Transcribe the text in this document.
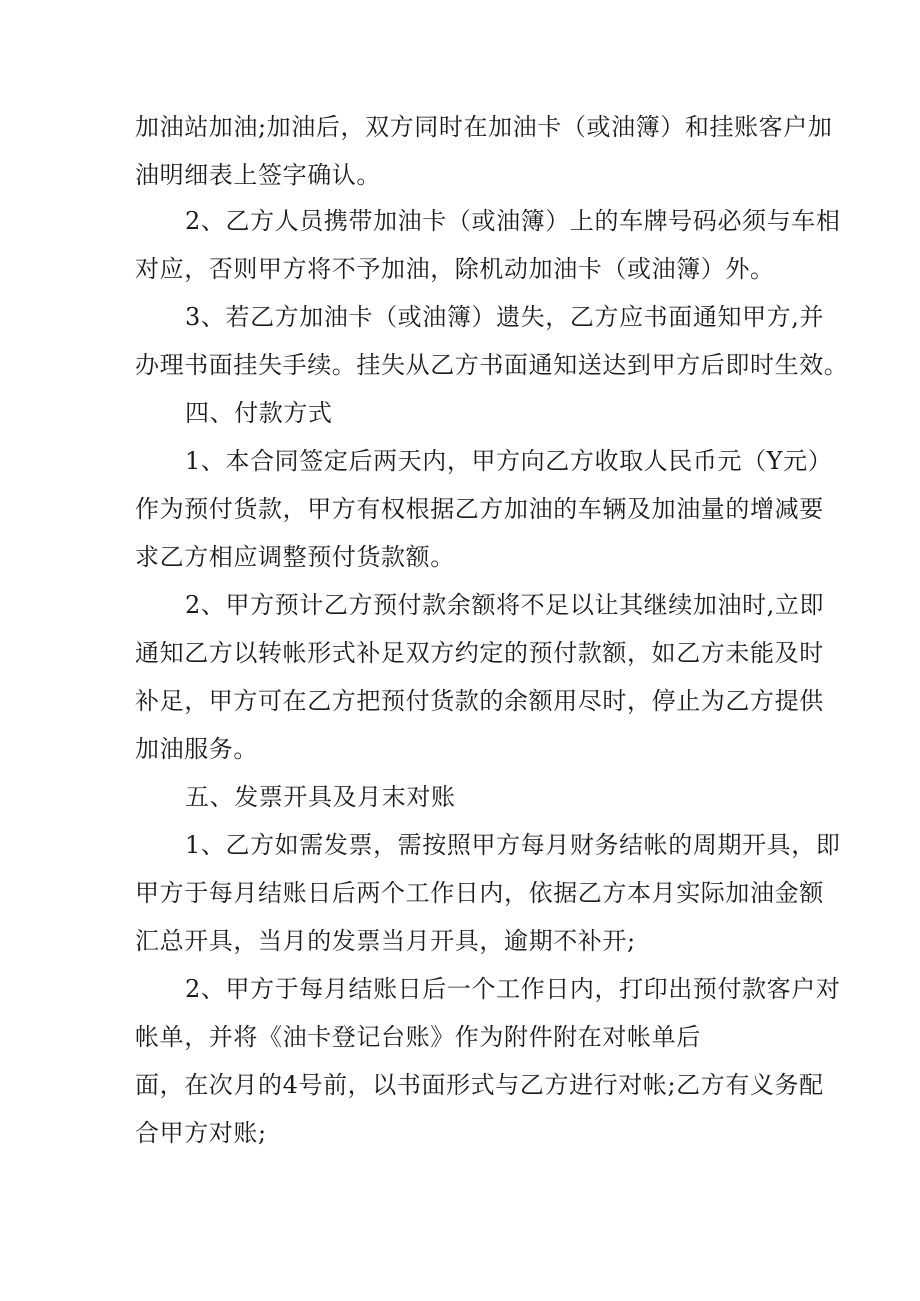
加油站加油;加油后，双方同时在加油卡（或油簿）和挂账客户加
油明细表上签字确认。
2、乙方人员携带加油卡（或油簿）上的车牌号码必须与车相
对应，否则甲方将不予加油，除机动加油卡（或油簿）外。
3、若乙方加油卡（或油簿）遗失，乙方应书面通知甲方,并
办理书面挂失手续。挂失从乙方书面通知送达到甲方后即时生效。
四、付款方式
1、本合同签定后两天内，甲方向乙方收取人民币元（Y元）
作为预付货款，甲方有权根据乙方加油的车辆及加油量的增减要
求乙方相应调整预付货款额。
2、甲方预计乙方预付款余额将不足以让其继续加油时,立即
通知乙方以转帐形式补足双方约定的预付款额，如乙方未能及时
补足，甲方可在乙方把预付货款的余额用尽时，停止为乙方提供
加油服务。
五、发票开具及月末对账
1、乙方如需发票，需按照甲方每月财务结帐的周期开具，即
甲方于每月结账日后两个工作日内，依据乙方本月实际加油金额
汇总开具，当月的发票当月开具，逾期不补开;
2、甲方于每月结账日后一个工作日内，打印出预付款客户对
帐单，并将《油卡登记台账》作为附件附在对帐单后
面，在次月的4号前，以书面形式与乙方进行对帐;乙方有义务配
合甲方对账;
